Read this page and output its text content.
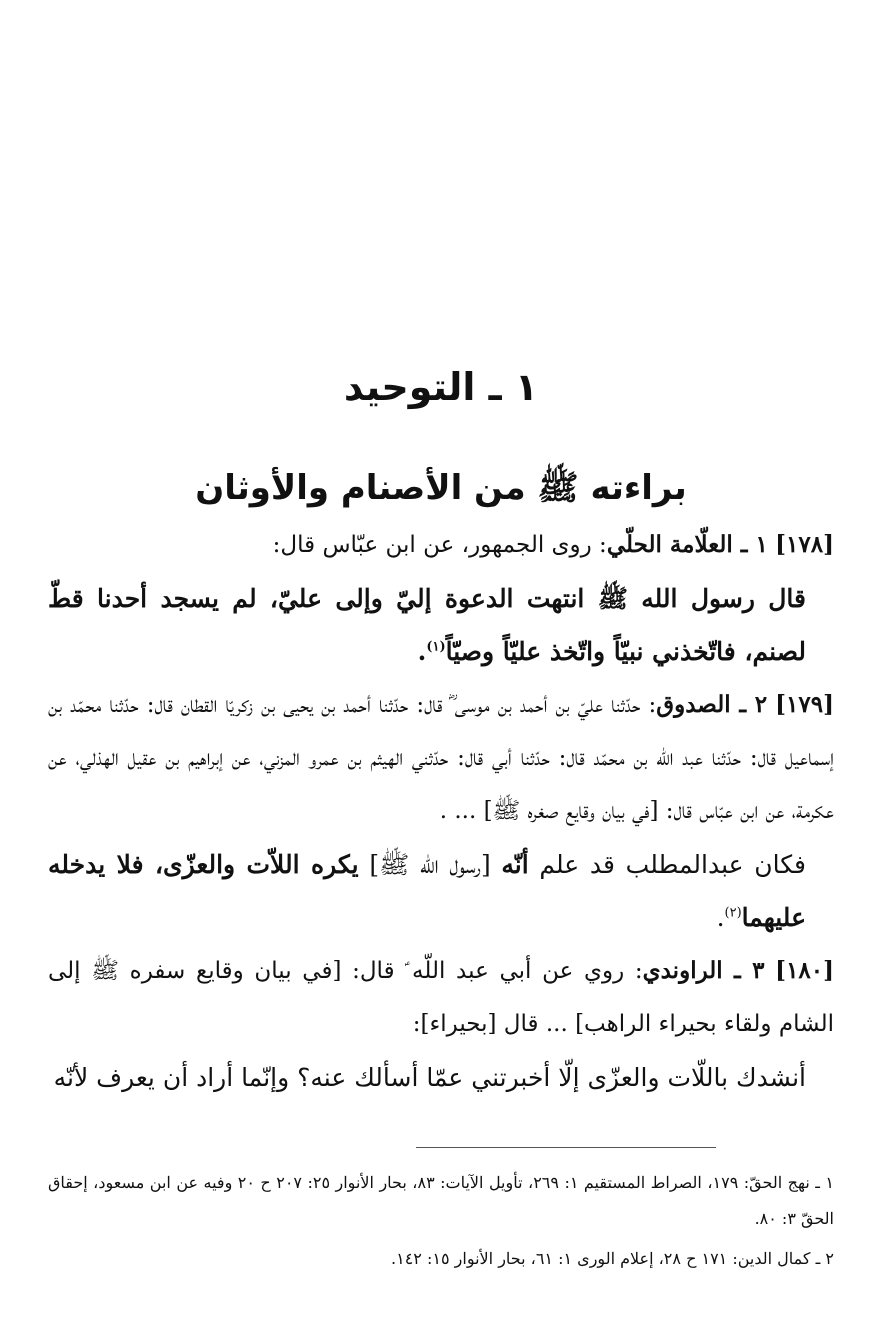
١ ـ التوحيد
براءته ﷺ من الأصنام والأوثان

[١٧٨] ١ ـ العلّامة الحلّي: روى الجمهور، عن ابن عبّاس قال:

قال رسول الله ﷺ انتهت الدعوة إليّ وإلى عليّ، لم يسجد أحدنا قطّ لصنم، فاتّخذني نبيّاً واتّخذ عليّاً وصيّاً$^{(١)}$.

[١٧٩] ٢ ـ الصدوق: حدّثنا عليّ بن أحمد بن موسى ؓ قال: حدّثنا أحمد بن يحيى بن زكريّا القطان قال: حدّثنا محمّد بن إسماعيل قال: حدّثنا عبد اللّه بن محمّد قال: حدّثنا أبي قال: حدّثني الهيثم بن عمرو المزني، عن إبراهيم بن عقيل الهذلي، عن عكرمة، عن ابن عبّاس قال: [في بيان وقايع صغره ﷺ] ... .

فكان عبدالمطلب قد علم أنّه [رسول اللّه ﷺ] يكره اللاّت والعزّى، فلا يدخله عليهما$^{(٢)}$.

[١٨٠] ٣ ـ الراوندي: روي عن أبي عبد اللّه ؑ قال: [في بيان وقايع سفره ﷺ إلى الشام ولقاء بحيراء الراهب] ... قال [بحيراء]:

أنشدك باللّات والعزّى إلّا أخبرتني عمّا أسألك عنه؟ وإنّما أراد أن يعرف لأنّه

١ ـ نهج الحقّ: ١٧٩، الصراط المستقيم ١: ٢٦٩، تأويل الآيات: ٨٣، بحار الأنوار ٢٥: ٢٠٧ ح ٢٠ وفيه عن ابن مسعود، إحقاق الحقّ ٣: ٨٠.

٢ ـ كمال الدين: ١٧١ ح ٢٨، إعلام الورى ١: ٦١، بحار الأنوار ١٥: ١٤٢.
